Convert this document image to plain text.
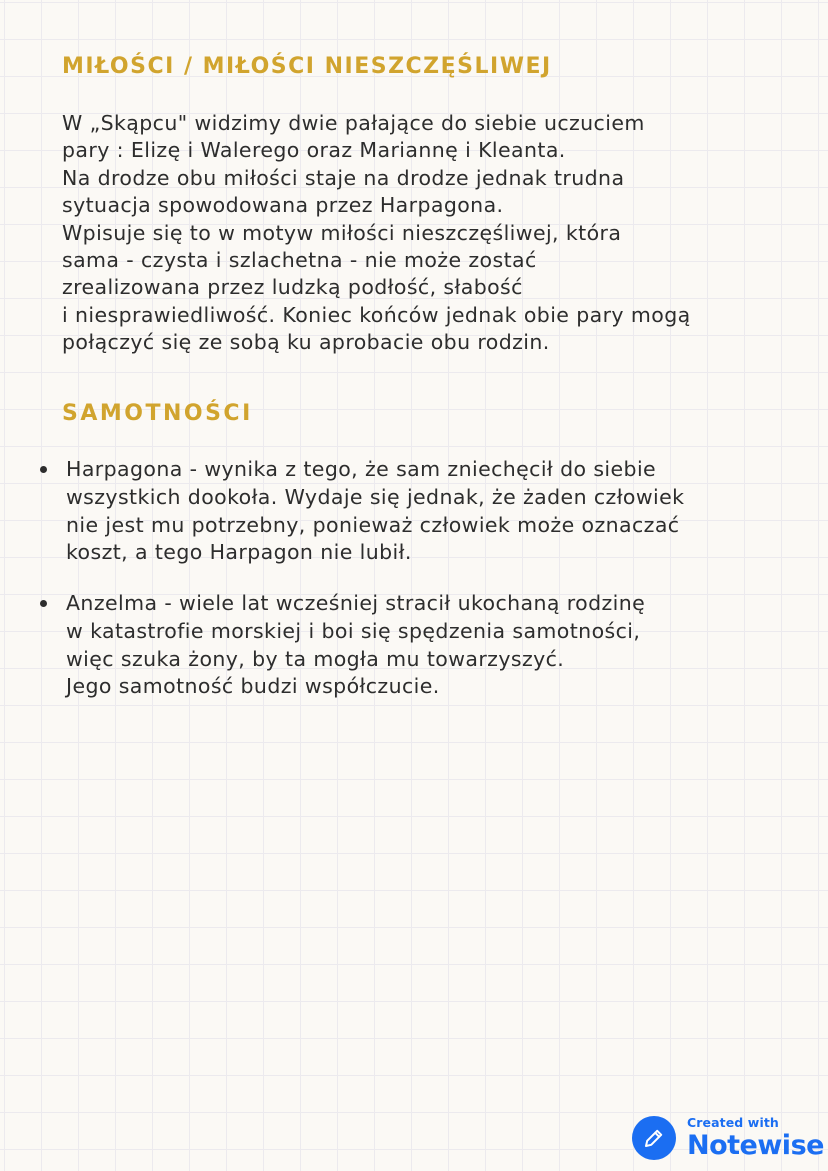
MIŁOŚCI / MIŁOŚCI NIESZCZĘŚLIWEJ
W „Skąpcu" widzimy dwie pałające do siebie uczuciem
pary : Elizę i Walerego oraz Mariannę i Kleanta.
Na drodze obu miłości staje na drodze jednak trudna
sytuacja spowodowana przez Harpagona.
Wpisuje się to w motyw miłości nieszczęśliwej, która
sama - czysta i szlachetna - nie może zostać
zrealizowana przez ludzką podłość, słabość
i niesprawiedliwość. Koniec końców jednak obie pary mogą
połączyć się ze sobą ku aprobacie obu rodzin.
SAMOTNOŚCI
Harpagona - wynika z tego, że sam zniechęcił do siebie
wszystkich dookoła. Wydaje się jednak, że żaden człowiek
nie jest mu potrzebny, ponieważ człowiek może oznaczać
koszt, a tego Harpagon nie lubił.
Anzelma - wiele lat wcześniej stracił ukochaną rodzinę
w katastrofie morskiej i boi się spędzenia samotności,
więc szuka żony, by ta mogła mu towarzyszyć.
Jego samotność budzi współczucie.
Created with
Notewise
